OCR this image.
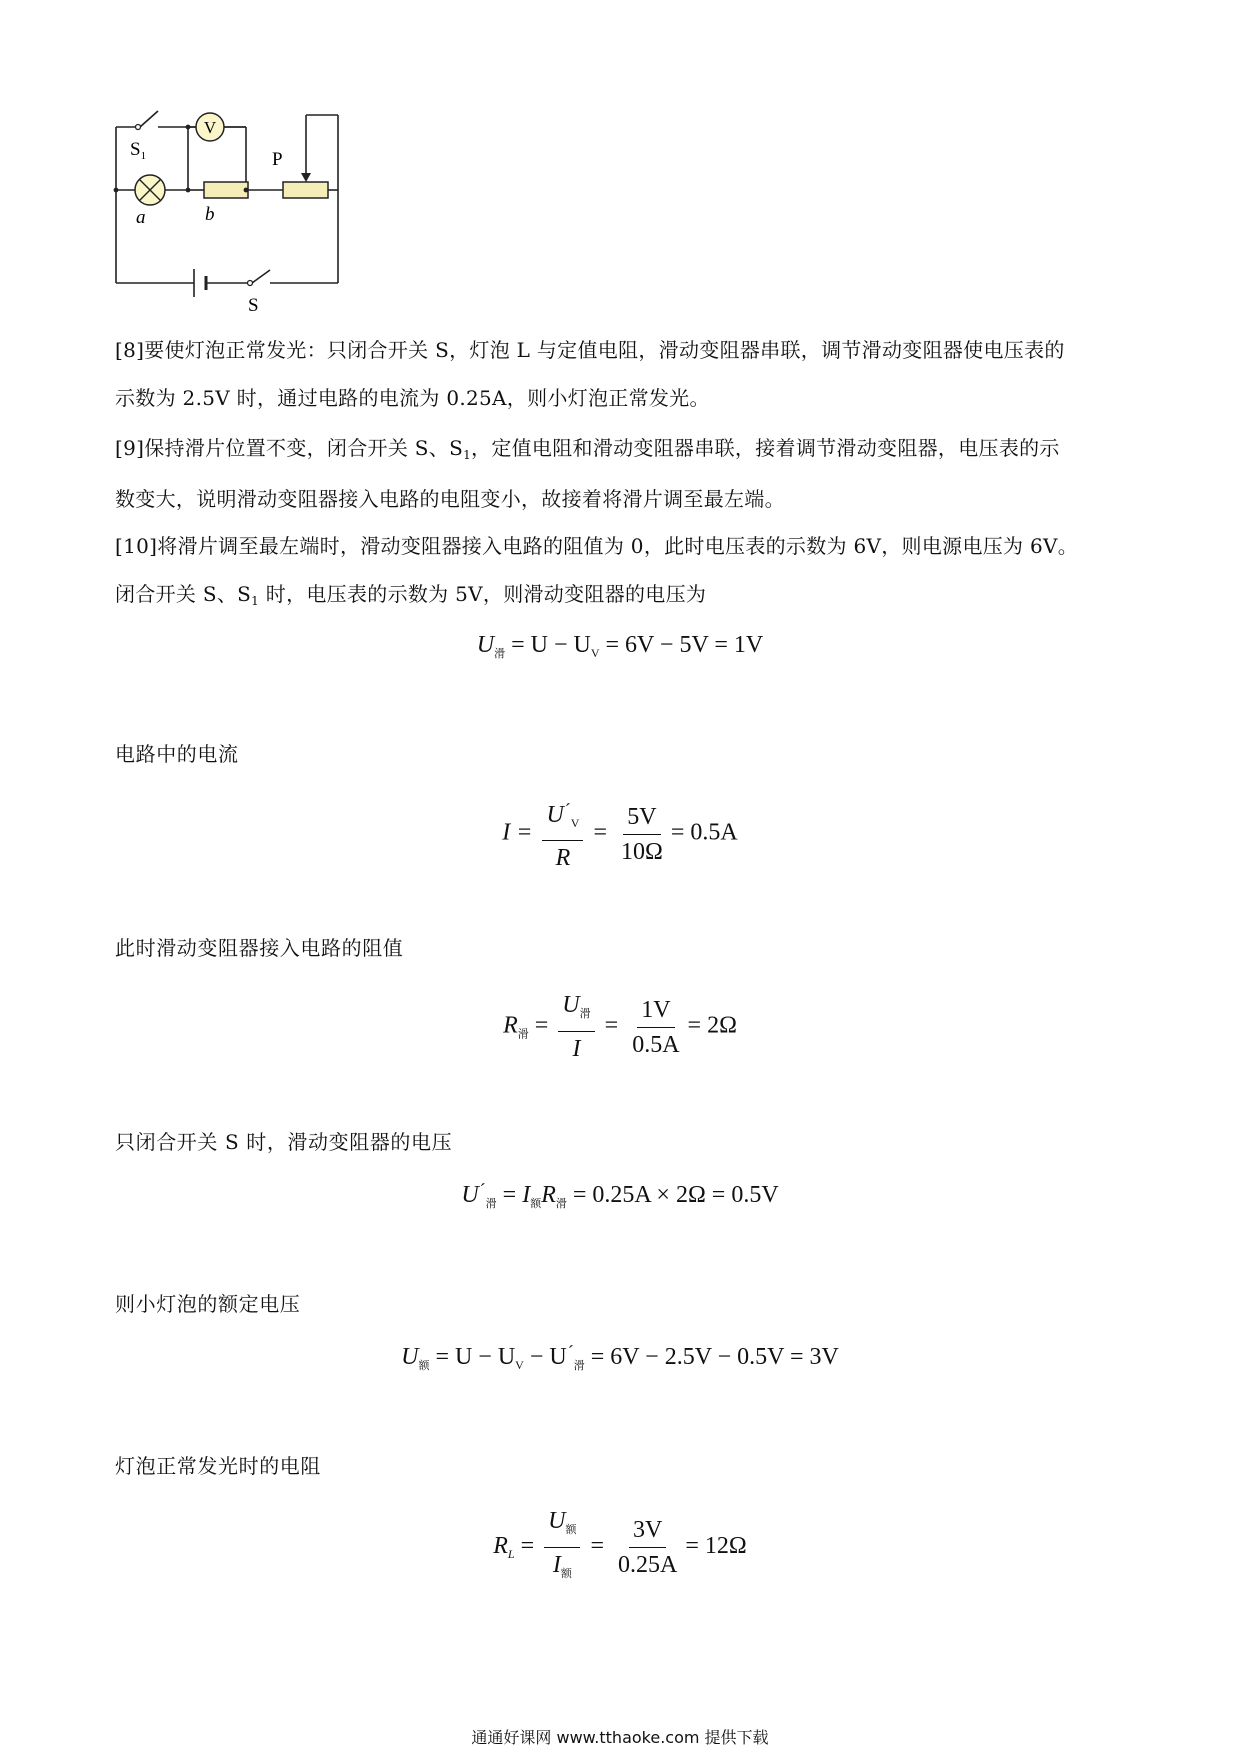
V
$S_1$	P
a	b
S
[8]要使灯泡正常发光：只闭合开关 S，灯泡 L 与定值电阻，滑动变阻器串联，调节滑动变阻器使电压表的
示数为 2.5V 时，通过电路的电流为 0.25A，则小灯泡正常发光。
[9]保持滑片位置不变，闭合开关 S、$S_1$，定值电阻和滑动变阻器串联，接着调节滑动变阻器，电压表的示
数变大，说明滑动变阻器接入电路的电阻变小，故接着将滑片调至最左端。
[10]将滑片调至最左端时，滑动变阻器接入电路的阻值为 0，此时电压表的示数为 6V，则电源电压为 6V。
闭合开关 S、$S_1$ 时，电压表的示数为 5V，则滑动变阻器的电压为
$U_滑 = U - U_V = 6V - 5V = 1V$
电路中的电流
$I = \frac{U^´_V}{R} = \frac{5V}{10\Omega} = 0.5A$
此时滑动变阻器接入电路的阻值
$R_滑 = \frac{U_滑}{I} = \frac{1V}{0.5A} = 2\Omega$
只闭合开关 S 时，滑动变阻器的电压
$U^´_滑 = I_额R_滑 = 0.25A \times 2\Omega = 0.5V$
则小灯泡的额定电压
$U_额 = U - U_V - U^´_滑 = 6V - 2.5V - 0.5V = 3V$
灯泡正常发光时的电阻
$R_L = \frac{U_额}{I_额} = \frac{3V}{0.25A} = 12\Omega$
通通好课网 www.tthaoke.com 提供下载
